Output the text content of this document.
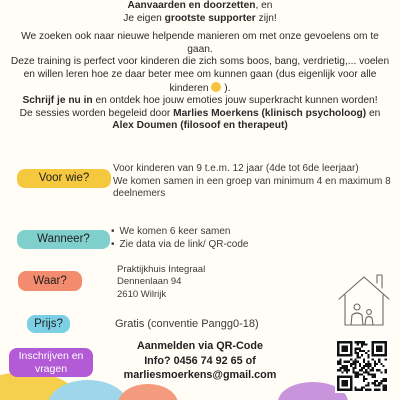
Aanvaarden en doorzetten, en

Je eigen grootste supporter zijn!

We zoeken ook naar nieuwe helpende manieren om met onze gevoelens om te gaan.

Deze training is perfect voor kinderen die zich soms boos, bang, verdrietig,... voelen en willen leren hoe ze daar beter mee om kunnen gaan (dus eigenlijk voor alle kinderen  ).

Schrijf je nu in en ontdek hoe jouw emoties jouw superkracht kunnen worden!

De sessies worden begeleid door Marlies Moerkens (klinisch psycholoog) en Alex Doumen (filosoof en therapeut)

Voor wie?
Voor kinderen van 9 t.e.m. 12 jaar (4de tot 6de leerjaar)
We komen samen in een groep van minimum 4 en maximum 8 deelnemers
Wanneer?
• We komen 6 keer samen
• Zie data via de link/ QR-code
Waar?
Praktijkhuis Integraal
Dennenlaan 94
2610 Wilrijk
Prijs?	Gratis (conventie Pangg0-18)
Inschrijven en vragen
Aanmelden via QR-Code
Info? 0456 74 92 65 of
marliesmoerkens@gmail.com
